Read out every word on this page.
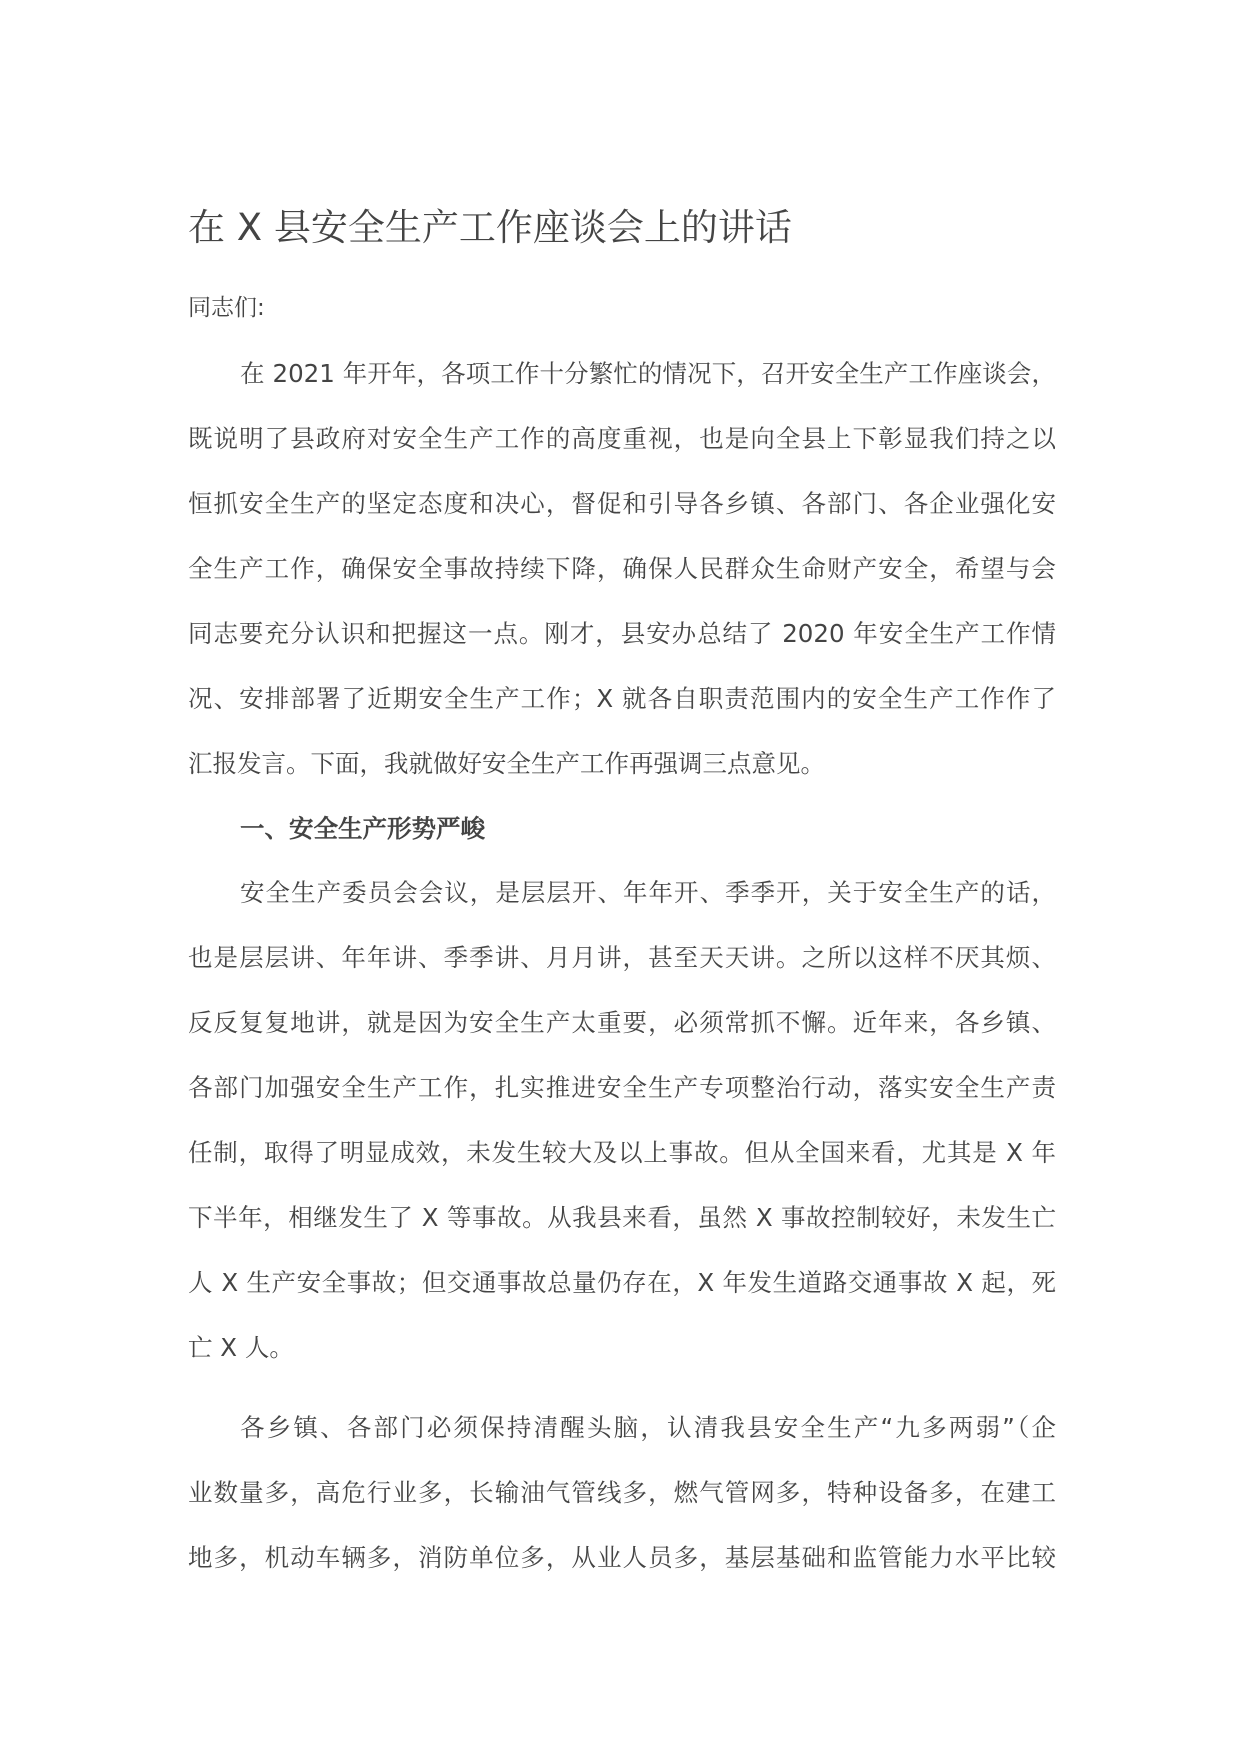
在 X 县安全生产工作座谈会上的讲话
同志们:
在 2021 年开年，各项工作十分繁忙的情况下，召开安全生产工作座谈会，
既说明了县政府对安全生产工作的高度重视，也是向全县上下彰显我们持之以
恒抓安全生产的坚定态度和决心，督促和引导各乡镇、各部门、各企业强化安
全生产工作，确保安全事故持续下降，确保人民群众生命财产安全，希望与会
同志要充分认识和把握这一点。刚才，县安办总结了 2020 年安全生产工作情
况、安排部署了近期安全生产工作；X 就各自职责范围内的安全生产工作作了
汇报发言。下面，我就做好安全生产工作再强调三点意见。
一、安全生产形势严峻
安全生产委员会会议，是层层开、年年开、季季开，关于安全生产的话，
也是层层讲、年年讲、季季讲、月月讲，甚至天天讲。之所以这样不厌其烦、
反反复复地讲，就是因为安全生产太重要，必须常抓不懈。近年来，各乡镇、
各部门加强安全生产工作，扎实推进安全生产专项整治行动，落实安全生产责
任制，取得了明显成效，未发生较大及以上事故。但从全国来看，尤其是 X 年
下半年，相继发生了 X 等事故。从我县来看，虽然 X 事故控制较好，未发生亡
人 X 生产安全事故；但交通事故总量仍存在，X 年发生道路交通事故 X 起，死
亡 X 人。
各乡镇、各部门必须保持清醒头脑，认清我县安全生产“九多两弱”（企
业数量多，高危行业多，长输油气管线多，燃气管网多，特种设备多，在建工
地多，机动车辆多，消防单位多，从业人员多，基层基础和监管能力水平比较
